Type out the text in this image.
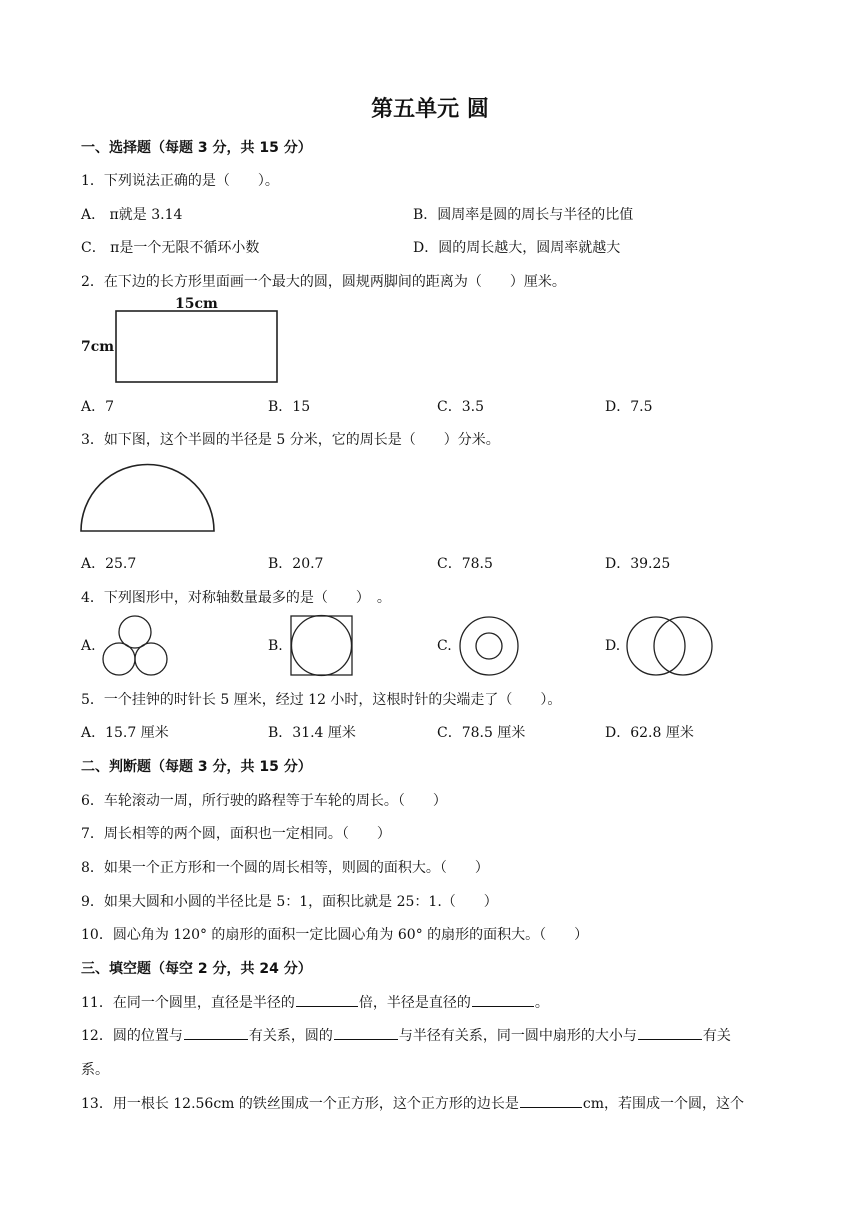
第五单元 圆
一、选择题（每题 3 分，共 15 分）
1．下列说法正确的是（　　）。
A． π就是 3.14	B．圆周率是圆的周长与半径的比值
C． π是一个无限不循环小数	D．圆的周长越大，圆周率就越大
2．在下边的长方形里面画一个最大的圆，圆规两脚间的距离为（　　）厘米。
15cm
7cm
A．7	B．15	C．3.5	D．7.5
3．如下图，这个半圆的半径是 5 分米，它的周长是（　　）分米。
A．25.7	B．20.7	C．78.5	D．39.25
4．下列图形中，对称轴数量最多的是（　　）　。
A.	B.	C.	D.
5．一个挂钟的时针长 5 厘米，经过 12 小时，这根时针的尖端走了（　　）。
A．15.7 厘米	B．31.4 厘米	C．78.5 厘米	D．62.8 厘米
二、判断题（每题 3 分，共 15 分）
6．车轮滚动一周，所行驶的路程等于车轮的周长。（　　）
7．周长相等的两个圆，面积也一定相同。（　　）
8．如果一个正方形和一个圆的周长相等，则圆的面积大。（　　）
9．如果大圆和小圆的半径比是 5：1，面积比就是 25：1.（　　）
10．圆心角为 120° 的扇形的面积一定比圆心角为 60° 的扇形的面积大。（　　）
三、填空题（每空 2 分，共 24 分）
11．在同一个圆里，直径是半径的	倍，半径是直径的	。
12．圆的位置与	有关系，圆的	与半径有关系，同一圆中扇形的大小与	有关
系。
13．用一根长 12.56cm 的铁丝围成一个正方形，这个正方形的边长是	cm，若围成一个圆，这个
